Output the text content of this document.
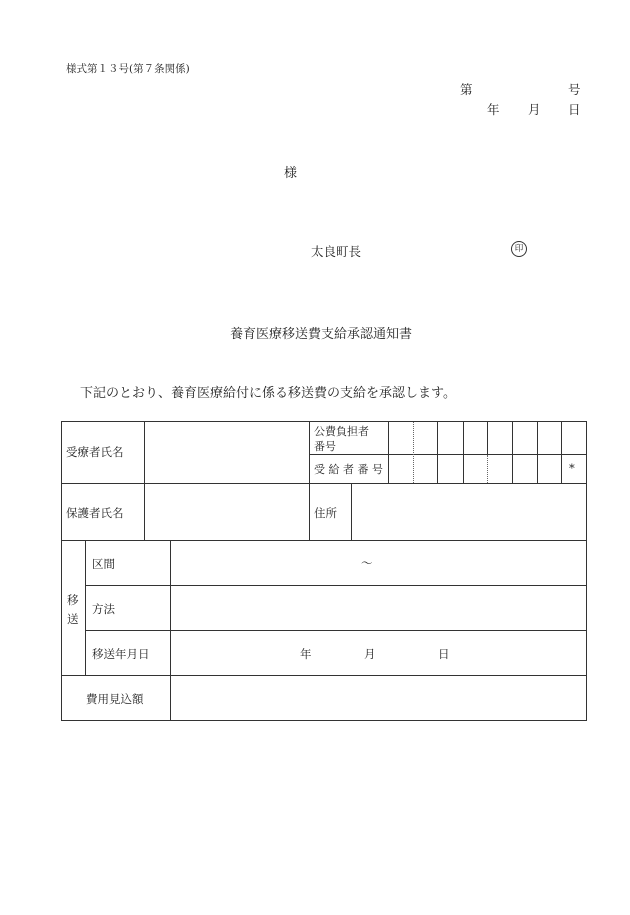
様式第１３号(第７条関係)
第	号
年 月 日
様
太良町長	印
養育医療移送費支給承認通知書
下記のとおり、養育医療給付に係る移送費の支給を承認します。
受療者氏名
公費負担者
番号
受 給 者 番 号	*
保護者氏名	住所
移
送
区間	～
方法
移送年月日	年	月	日
費用見込額
